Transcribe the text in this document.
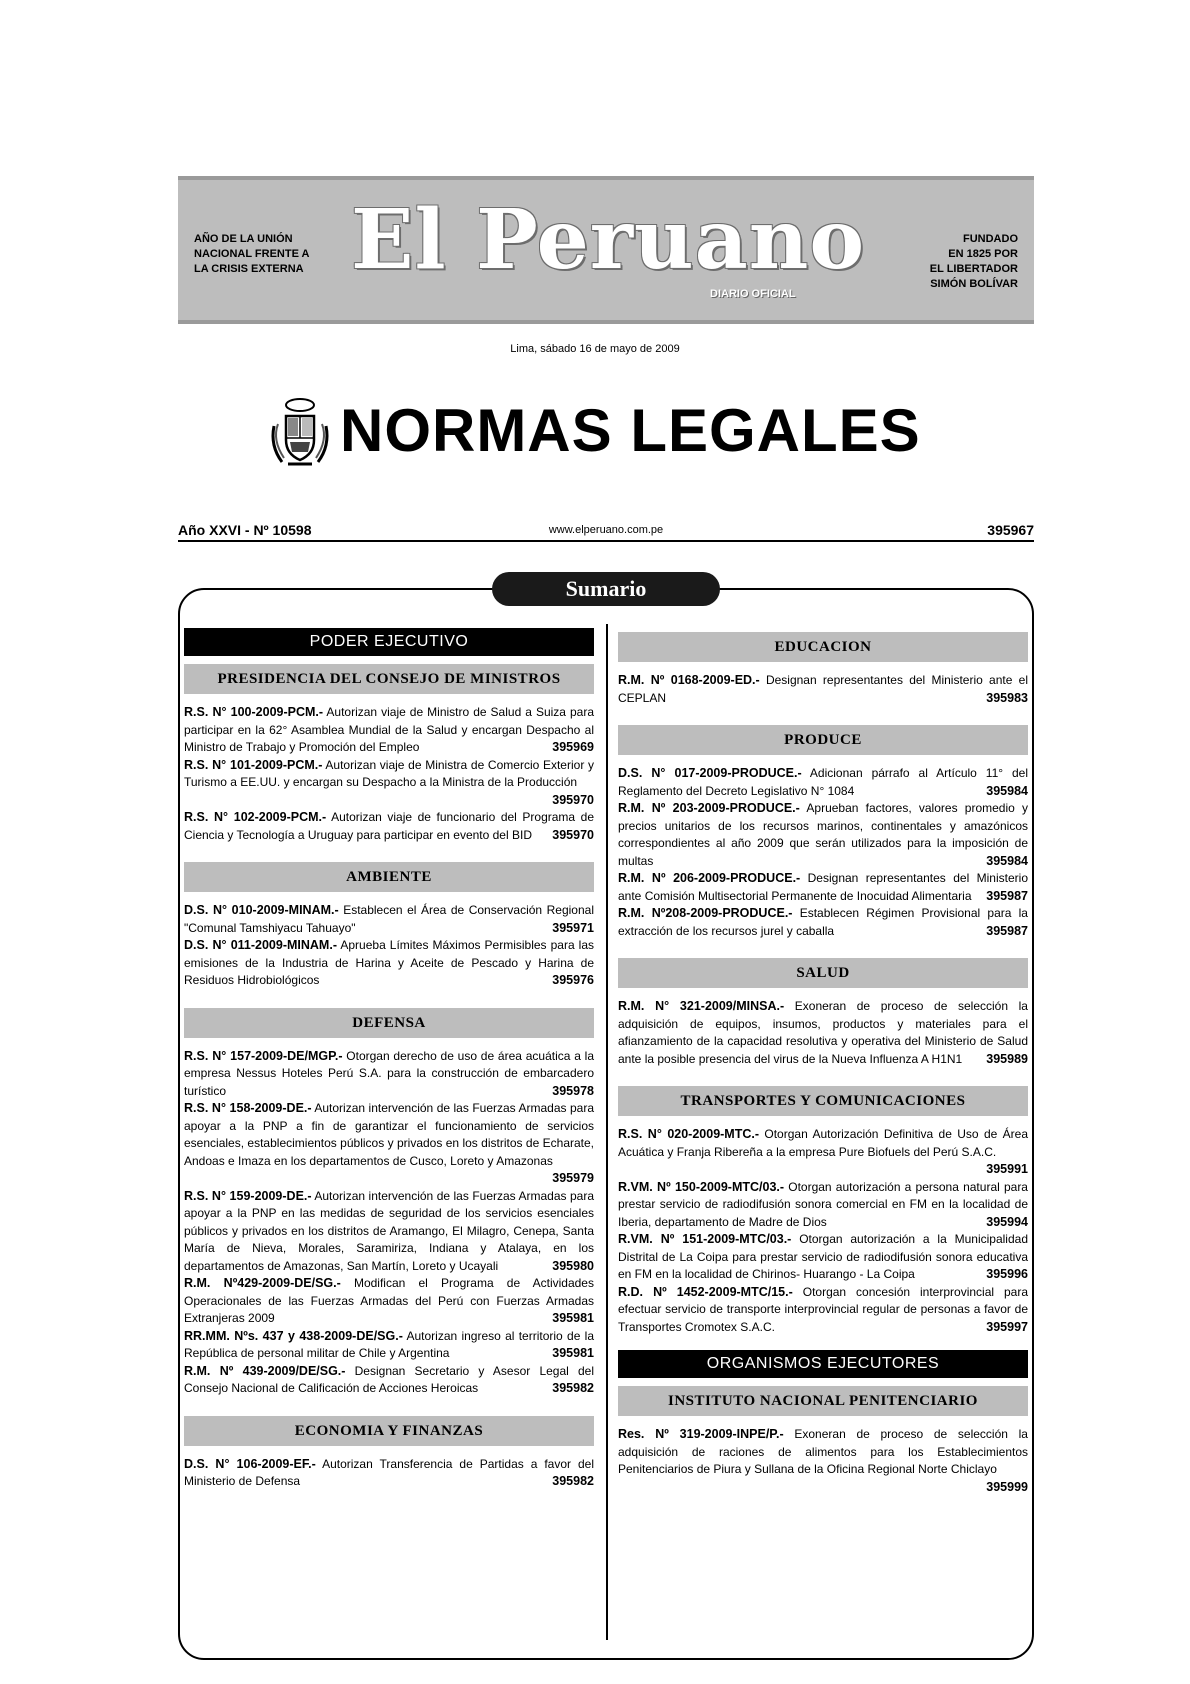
AÑO DE LA UNIÓN
NACIONAL FRENTE A
LA CRISIS EXTERNA El Peruano
DIARIO OFICIAL
FUNDADO
EN 1825 POR
EL LIBERTADOR
SIMÓN BOLÍVAR
Lima, sábado 16 de mayo de 2009
NORMAS LEGALES
Año XXVI - Nº 10598	www.elperuano.com.pe	395967
Sumario
PODER EJECUTIVO
PRESIDENCIA DEL CONSEJO DE MINISTROS
R.S. N° 100-2009-PCM.- Autorizan viaje de Ministro de Salud a Suiza para participar en la 62° Asamblea Mundial de la Salud y encargan Despacho al Ministro de Trabajo y Promoción del Empleo	395969
R.S. N° 101-2009-PCM.- Autorizan viaje de Ministra de Comercio Exterior y Turismo a EE.UU. y encargan su Despacho a la Ministra de la Producción
395970
R.S. N° 102-2009-PCM.- Autorizan viaje de funcionario del Programa de Ciencia y Tecnología a Uruguay para participar en evento del BID	395970
AMBIENTE
D.S. N° 010-2009-MINAM.- Establecen el Área de Conservación Regional "Comunal Tamshiyacu Tahuayo"	395971
D.S. N° 011-2009-MINAM.- Aprueba Límites Máximos Permisibles para las emisiones de la Industria de Harina y Aceite de Pescado y Harina de Residuos Hidrobiológicos	395976
DEFENSA
R.S. N° 157-2009-DE/MGP.- Otorgan derecho de uso de área acuática a la empresa Nessus Hoteles Perú S.A. para la construcción de embarcadero turístico	395978
R.S. N° 158-2009-DE.- Autorizan intervención de las Fuerzas Armadas para apoyar a la PNP a fin de garantizar el funcionamiento de servicios esenciales, establecimientos públicos y privados en los distritos de Echarate, Andoas e Imaza en los departamentos de Cusco, Loreto y Amazonas
395979
R.S. N° 159-2009-DE.- Autorizan intervención de las Fuerzas Armadas para apoyar a la PNP en las medidas de seguridad de los servicios esenciales públicos y privados en los distritos de Aramango, El Milagro, Cenepa, Santa María de Nieva, Morales, Saramiriza, Indiana y Atalaya, en los departamentos de Amazonas, San Martín, Loreto y Ucayali	395980
R.M. Nº429-2009-DE/SG.- Modifican el Programa de Actividades Operacionales de las Fuerzas Armadas del Perú con Fuerzas Armadas Extranjeras 2009	395981
RR.MM. Nºs. 437 y 438-2009-DE/SG.- Autorizan ingreso al territorio de la República de personal militar de Chile y Argentina	395981
R.M. Nº 439-2009/DE/SG.- Designan Secretario y Asesor Legal del Consejo Nacional de Calificación de Acciones Heroicas	395982
ECONOMIA Y FINANZAS
D.S. N° 106-2009-EF.- Autorizan Transferencia de Partidas a favor del Ministerio de Defensa	395982
EDUCACION
R.M. Nº 0168-2009-ED.- Designan representantes del Ministerio ante el CEPLAN	395983
PRODUCE
D.S. N° 017-2009-PRODUCE.- Adicionan párrafo al Artículo 11° del Reglamento del Decreto Legislativo N° 1084	395984
R.M. Nº 203-2009-PRODUCE.- Aprueban factores, valores promedio y precios unitarios de los recursos marinos, continentales y amazónicos correspondientes al año 2009 que serán utilizados para la imposición de multas	395984
R.M. Nº 206-2009-PRODUCE.- Designan representantes del Ministerio ante Comisión Multisectorial Permanente de Inocuidad Alimentaria	395987
R.M. Nº208-2009-PRODUCE.- Establecen Régimen Provisional para la extracción de los recursos jurel y caballa	395987
SALUD
R.M. N° 321-2009/MINSA.- Exoneran de proceso de selección la adquisición de equipos, insumos, productos y materiales para el afianzamiento de la capacidad resolutiva y operativa del Ministerio de Salud ante la posible presencia del virus de la Nueva Influenza A H1N1	395989
TRANSPORTES Y COMUNICACIONES
R.S. N° 020-2009-MTC.- Otorgan Autorización Definitiva de Uso de Área Acuática y Franja Ribereña a la empresa Pure Biofuels del Perú S.A.C.
395991
R.VM. Nº 150-2009-MTC/03.- Otorgan autorización a persona natural para prestar servicio de radiodifusión sonora comercial en FM en la localidad de Iberia, departamento de Madre de Dios	395994
R.VM. Nº 151-2009-MTC/03.- Otorgan autorización a la Municipalidad Distrital de La Coipa para prestar servicio de radiodifusión sonora educativa en FM en la localidad de Chirinos- Huarango - La Coipa	395996
R.D. Nº 1452-2009-MTC/15.- Otorgan concesión interprovincial para efectuar servicio de transporte interprovincial regular de personas a favor de Transportes Cromotex S.A.C.	395997
ORGANISMOS EJECUTORES
INSTITUTO NACIONAL PENITENCIARIO
Res. Nº 319-2009-INPE/P.- Exoneran de proceso de selección la adquisición de raciones de alimentos para los Establecimientos Penitenciarios de Piura y Sullana de la Oficina Regional Norte Chiclayo
395999
